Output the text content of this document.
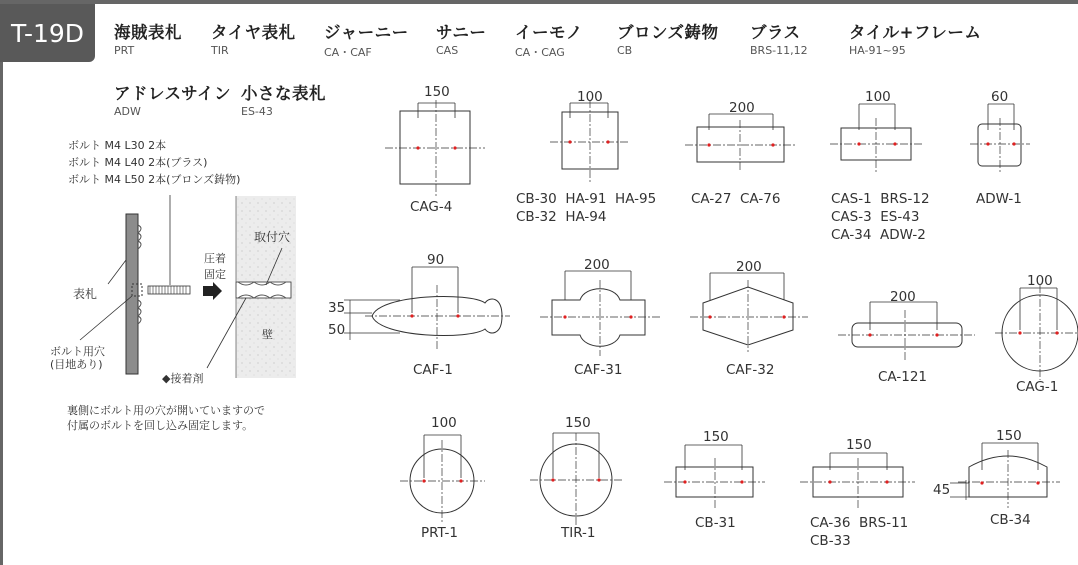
T-19D	海賊表札
PRT
タイヤ表札
TIR
ジャーニー
CA・CAF
サニー
CAS
イーモノ
CA・CAG
ブロンズ鋳物
CB
ブラス
BRS-11,12
タイル+フレーム
HA-91~95
アドレスサイン
ADW
小さな表札
ES-43
ボルト M4 L30 2本
ボルト M4 L40 2本(ブラス)
ボルト M4 L50 2本(ブロンズ鋳物)
表札
ボルト用穴
(目地あり)
圧着
固定
取付穴
壁
◆接着剤
裏側にボルト用の穴が開いていますので
付属のボルトを回し込み固定します。
150	100
200
100	60
90
35
50
200	200
200
100
100	150
150	150
150
45
CAG-4	CB-30  HA-91  HA-95
CB-32  HA-94
CA-27  CA-76	CAS-1  BRS-12
CAS-3  ES-43
CA-34  ADW-2
ADW-1
CAF-1	CAF-31	CAF-32	CA-121
CAG-1
PRT-1	TIR-1
CB-31	CA-36  BRS-11
CB-33
CB-34
